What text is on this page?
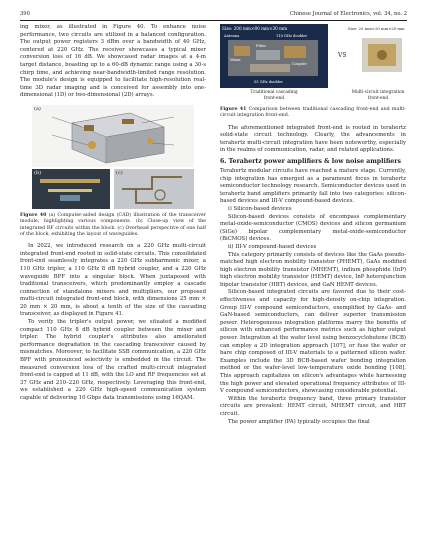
390	Chinese Journal of Electronics, vol. 34, no. 2

ing mixer, as illustrated in Figure 40. To enhance noise performance, two circuits are utilized in a balanced configuration. The output power registers 3 dBm over a bandwidth of 40 GHz, centered at 220 GHz. The receiver showcases a typical mixer conversion loss of 16 dB. We showcased radar images at a 4-m target distance, boasting up to a 60-dB dynamic range using a 30-s chirp time, and achieving near-bandwidth-limited range resolution. The module's design is equipped to facilitate high-resolution real-time 3D radar imaging and is conceived for assembly into one-dimensional (1D) or two-dimensional (2D) arrays.

(a)
(b)	(c)
Figure 40 (a) Computer-aided design (CAD) illustration of the transceiver module, highlighting various components. (b) Close-up view of the integrated RF circuits within the block. (c) Overhead perspective of one half of the block, exhibiting the layout of waveguides.

In 2022, we introduced research on a 220 GHz multi-circuit integrated front-end rooted in solid-state circuits. This consolidated front-end seamlessly integrates a 220 GHz subharmonic mixer, a 110 GHz tripler, a 110 GHz 8 dB hybrid coupler, and a 220 GHz waveguide BPF into a singular block. When juxtaposed with traditional transceivers, which predominantly employ a cascade connection of standalone mixers and multipliers, our proposed multi-circuit integrated front-end block, with dimensions 25 mm × 20 mm × 20 mm, is about a tenth of the size of the cascading transceiver, as displayed in Figure 41.

To verify the tripler's output power, we situated a modified compact 110 GHz 8 dB hybrid coupler between the mixer and tripler. The hybrid coupler's attributes also ameliorated performance degradation in the cascading transceiver caused by mismatches. Moreover, to facilitate SSB communication, a 220 GHz BPF with pronounced selectivity is embedded in the circuit. The measured conversion loss of the crafted multi-circuit integrated front-end is capped at 11 dB, with the LO and RF frequencies set at 37 GHz and 210–220 GHz, respectively. Leveraging this front-end, we established a 220 GHz high-speed communication system capable of delivering 10 Gbps data transmissions using 16QAM.

Size: 200 mm×80 mm×30 mm	Size: 25 mm×20 mm×20 mm
Antenna
Mixer
110 GHz doubler
Filter
Coupler
55 GHz doubler
VS
Traditional cascading front-end
Multi-circuit integration front-end
Figure 41 Comparison between traditional cascading front-end and multi-circuit integration front-end.

The aforementioned integrated front-end is rooted in terahertz solid-state circuit technology. Clearly, the advancements in terahertz multi-circuit integration have been noteworthy, especially in the realms of communication, radar, and related applications.

6. Terahertz power amplifiers & low noise amplifiers

Terahertz modular circuits have reached a mature stage. Currently, chip integration has emerged as a paramount focus in terahertz semiconductor technology research. Semiconductor devices used in terahertz band amplifiers primarily fall into two categories: silicon-based devices and III-V compound-based devices.

i) Silicon-based devices

Silicon-based devices consists of encompass complementary metal-oxide-semiconductor (CMOS) devices and silicon germanium (SiGe) bipolar complementary metal-oxide-semiconductor (BiCMOS) devices.

ii) III-V compound-based devices

This category primarily consists of devices like the GaAs pseudo-matched high electron mobility transistor (PHEMT), GaAs modified high electron mobility transistor (MHEMT), indium phosphide (InP) high electron mobility transistor (HEMT) device, InP heterojunction bipolar transistor (HBT) devices, and GaN HEMT devices.

Silicon-based integrated circuits are favored due to their cost-effectiveness and capacity for high-density on-chip integration. Group III-V compound semiconductors, exemplified by GaAs- and GaN-based semiconductors, can deliver superior transmission power. Heterogeneous integration platforms marry the benefits of silicon with enhanced performance metrics such as higher output power. Integration at the wafer level using benzocyclobutene (BCB) can employ a 2D integration approach [107], or fuse the wafer or bare chip composed of III-V materials to a patterned silicon wafer. Examples include the 3D BCB-based wafer bonding integration method or the wafer-level low-temperature oxide bonding [108]. This approach capitalizes on silicon's advantages while harnessing the high power and elevated operational frequency attributes of III-V compound semiconductors, showcasing considerable potential.

Within the terahertz frequency band, three primary transistor circuits are prevalent: HEMT circuit, MHEMT circuit, and HBT circuit.

The power amplifier (PA) typically occupies the final
